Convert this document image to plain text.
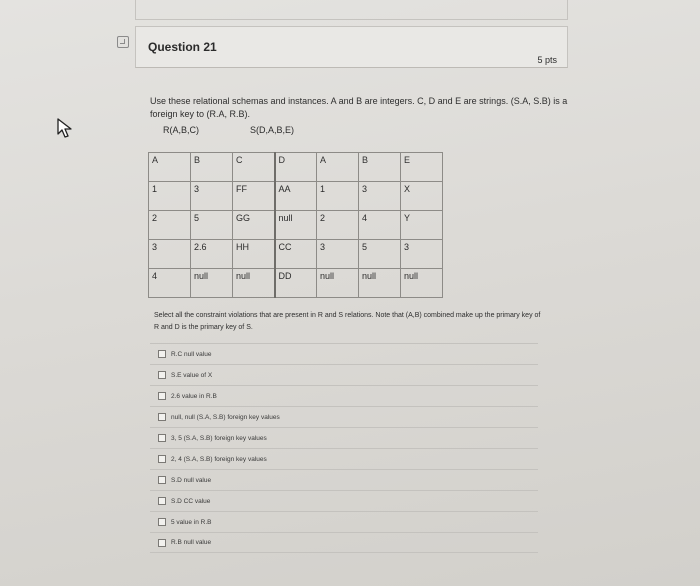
Question 21
5 pts
Use these relational schemas and instances. A and B are integers. C, D and E are strings. (S.A, S.B) is a foreign key to (R.A, R.B).
R(A,B,C)	S(D,A,B,E)
A	B	C	D	A	B	E
1	3	FF	AA	1	3	X
2	5	GG	null	2	4	Y
3	2.6	HH	CC	3	5	3
4	null	null	DD	null	null	null
Select all the constraint violations that are present in R and S relations. Note that (A,B) combined make up the primary key of R and D is the primary key of S.
R.C null value
S.E value of X
2.6 value in R.B
null, null (S.A, S.B) foreign key values
3, 5 (S.A, S.B) foreign key values
2, 4 (S.A, S.B) foreign key values
S.D null value
S.D CC value
5 value in R.B
R.B null value
